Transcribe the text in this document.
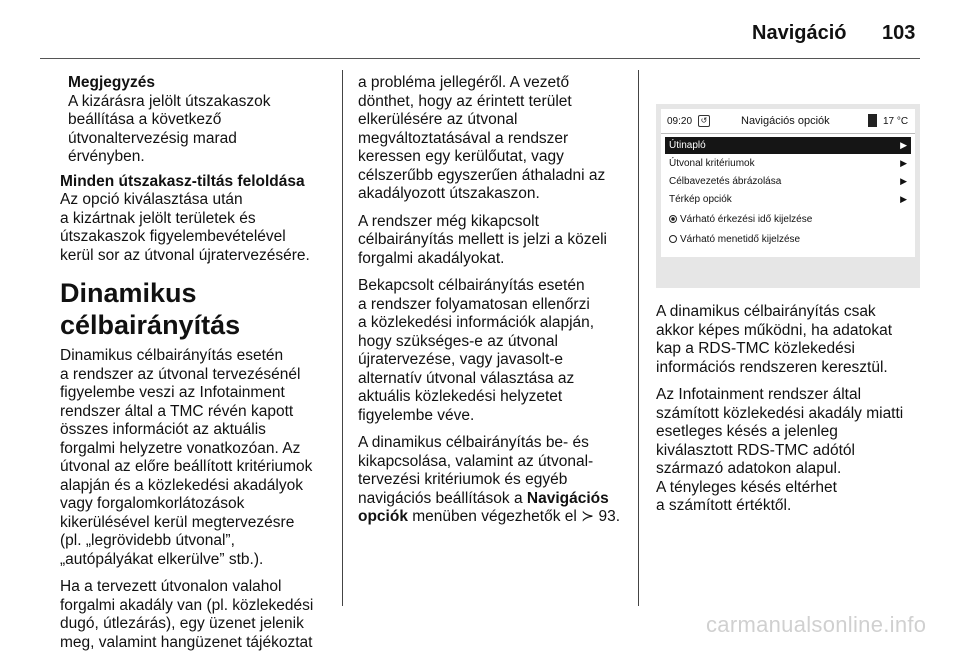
Navigáció 103
Megjegyzés
A kizárásra jelölt útszakaszok
beállítása a következő
útvonaltervezésig marad
érvényben.

Minden útszakasz-tiltás feloldása
Az opció kiválasztása után
a kizártnak jelölt területek és
útszakaszok figyelembevételével
kerül sor az útvonal újratervezésére.

Dinamikus célbairányítás

Dinamikus célbairányítás esetén
a rendszer az útvonal tervezésénél
figyelembe veszi az Infotainment
rendszer által a TMC révén kapott
összes információt az aktuális
forgalmi helyzetre vonatkozóan. Az
útvonal az előre beállított kritériumok
alapján és a közlekedési akadályok
vagy forgalomkorlátozások
kikerülésével kerül megtervezésre
(pl. „legrövidebb útvonal”,
„autópályákat elkerülve” stb.).

Ha a tervezett útvonalon valahol
forgalmi akadály van (pl. közlekedési
dugó, útlezárás), egy üzenet jelenik
meg, valamint hangüzenet tájékoztat

a probléma jellegéről. A vezető
dönthet, hogy az érintett terület
elkerülésére az útvonal
megváltoztatásával a rendszer
keressen egy kerülőutat, vagy
célszerűbb egyszerűen áthaladni az
akadályozott útszakaszon.

A rendszer még kikapcsolt
célbairányítás mellett is jelzi a közeli
forgalmi akadályokat.

Bekapcsolt célbairányítás esetén
a rendszer folyamatosan ellenőrzi
a közlekedési információk alapján,
hogy szükséges-e az útvonal
újratervezése, vagy javasolt-e
alternatív útvonal választása az
aktuális közlekedési helyzetet
figyelembe véve.

A dinamikus célbairányítás be- és
kikapcsolása, valamint az útvonal-
tervezési kritériumok és egyéb
navigációs beállítások a Navigációs
opciók menüben végezhetők el ≻ 93.

09:20	↺	Navigációs opciók	17 °C
Útinapló	▶
Útvonal kritériumok	▶
Célbavezetés ábrázolása	▶
Térkép opciók	▶
Várható érkezési idő kijelzése
Várható menetidő kijelzése

A dinamikus célbairányítás csak
akkor képes működni, ha adatokat
kap a RDS-TMC közlekedési
információs rendszeren keresztül.

Az Infotainment rendszer által
számított közlekedési akadály miatti
esetleges késés a jelenleg
kiválasztott RDS-TMC adótól
származó adatokon alapul.
A tényleges késés eltérhet
a számított értéktől.

carmanualsonline.info
